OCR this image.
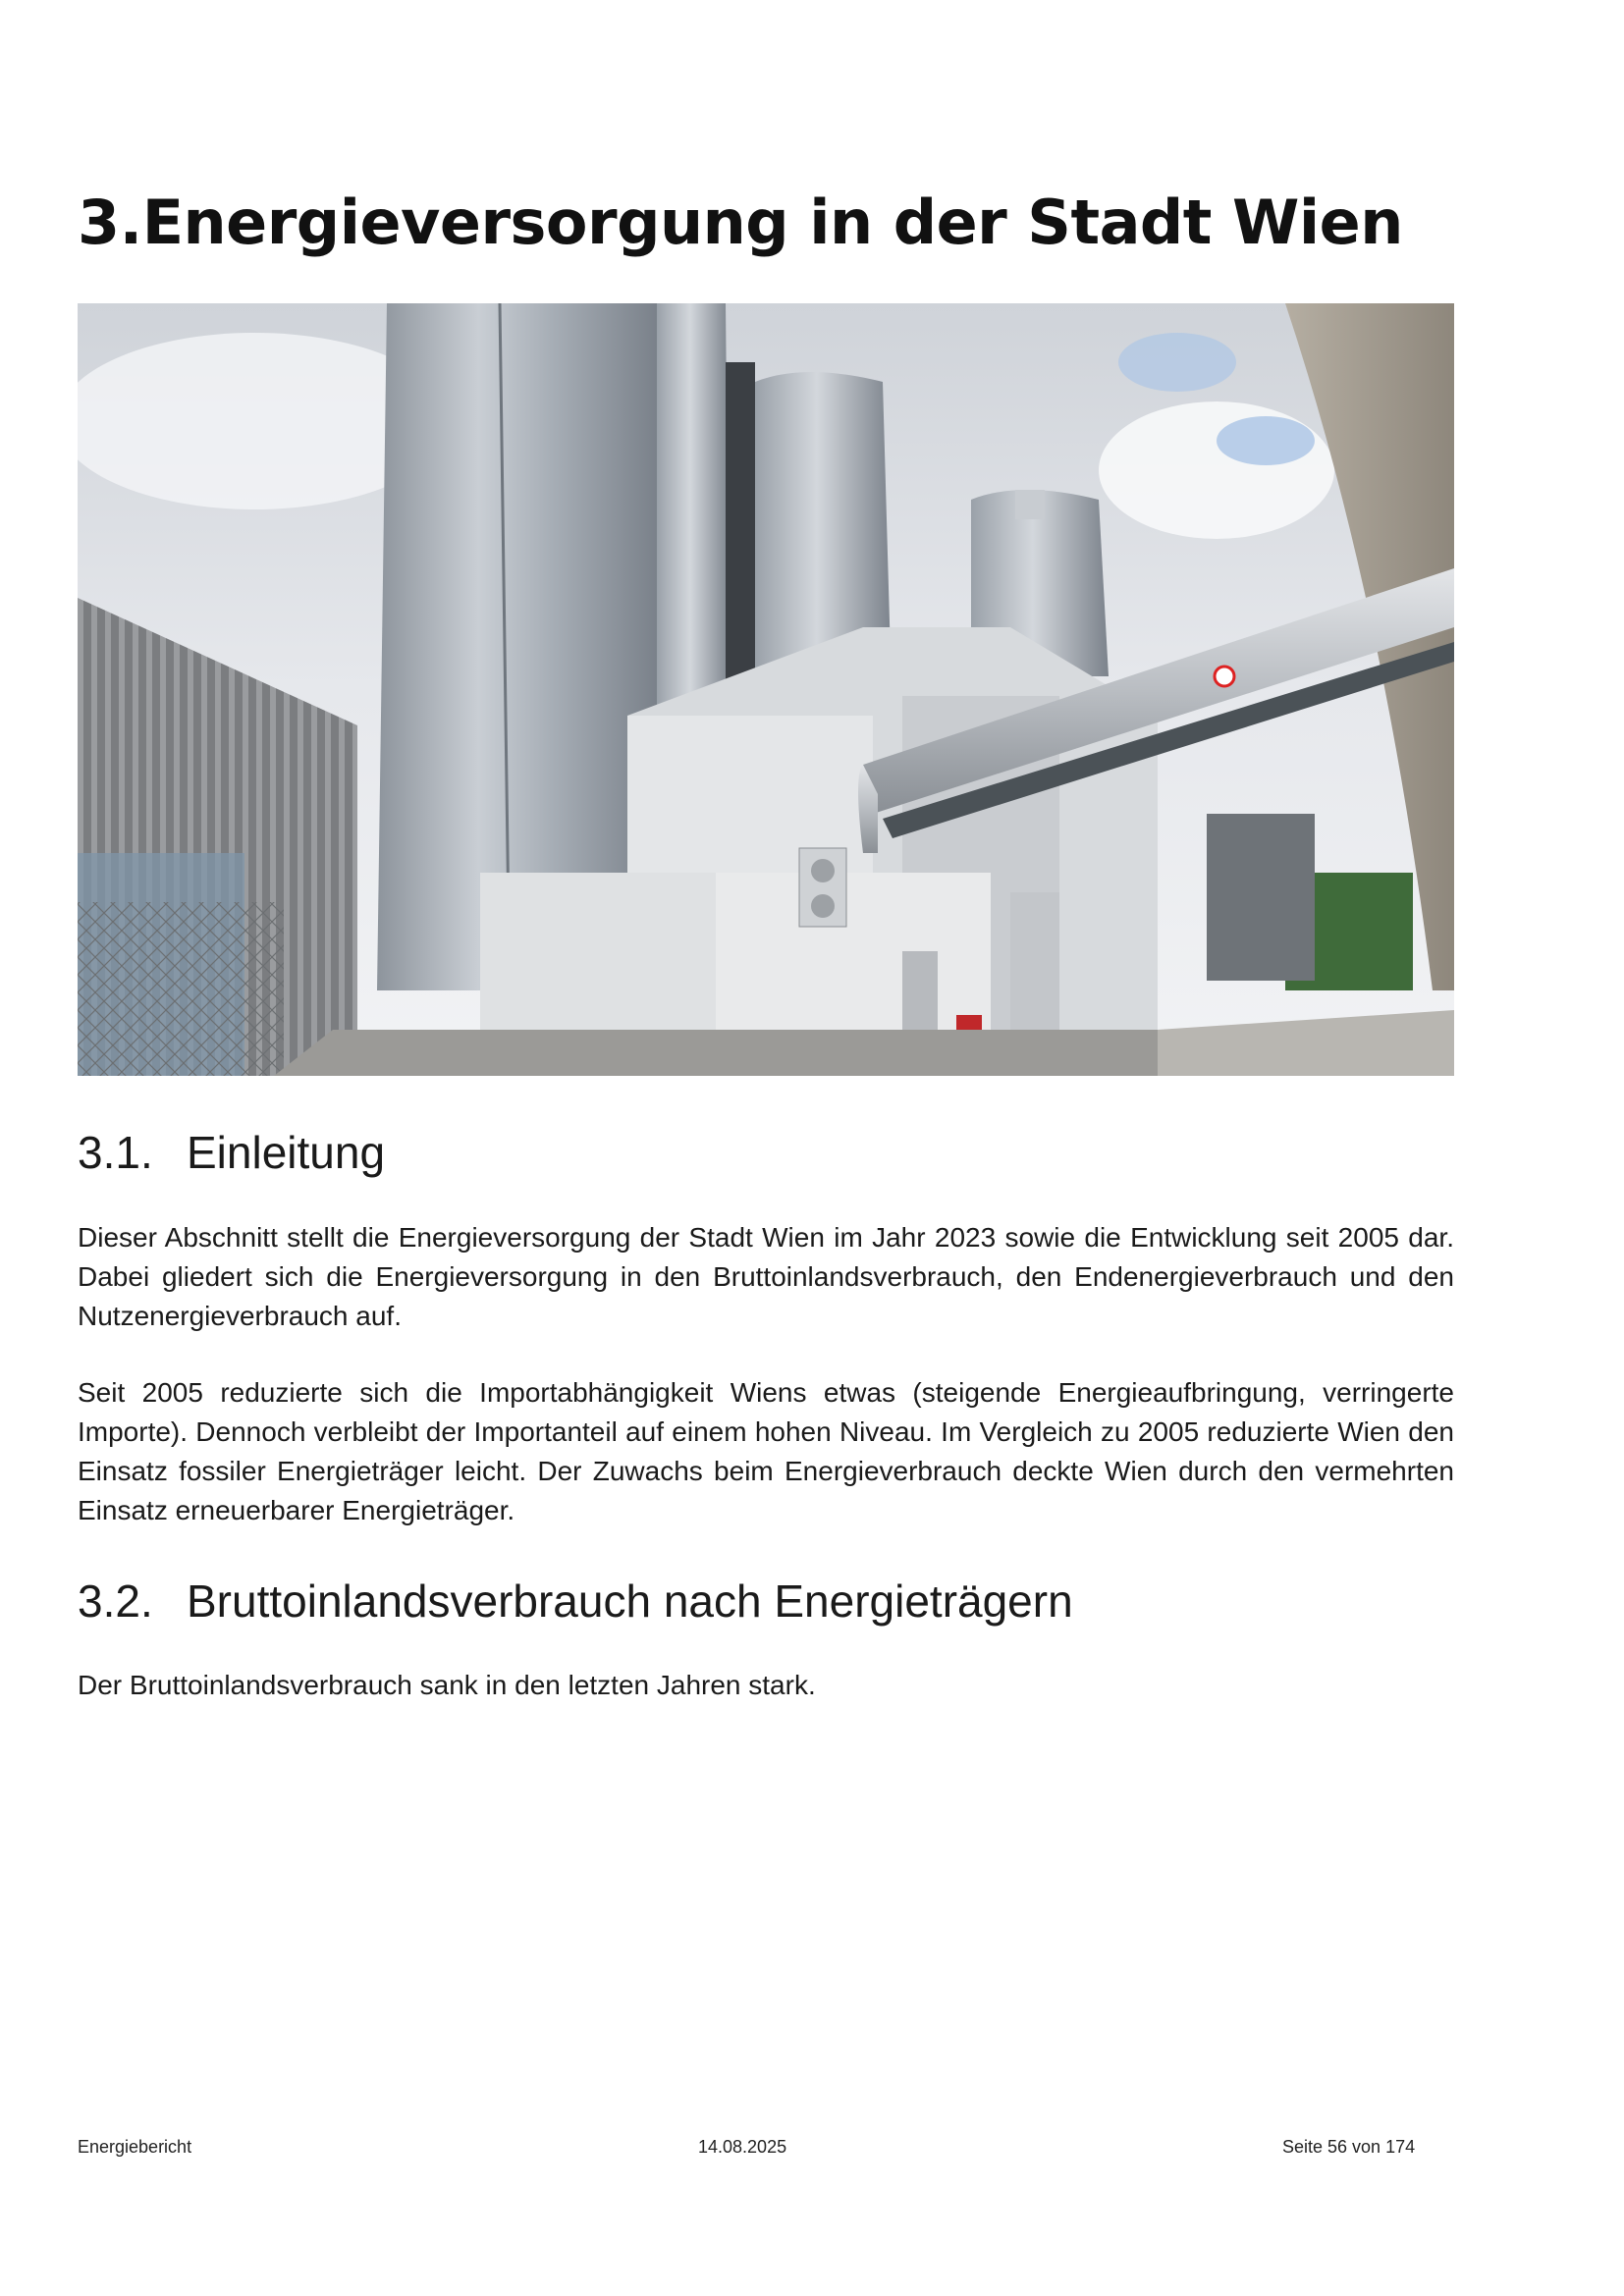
3.Energieversorgung in der Stadt Wien
3.1. Einleitung

Dieser Abschnitt stellt die Energieversorgung der Stadt Wien im Jahr 2023 sowie die Entwicklung seit 2005 dar. Dabei gliedert sich die Energieversorgung in den Bruttoinlandsverbrauch, den Endenergieverbrauch und den Nutzenergieverbrauch auf.

Seit 2005 reduzierte sich die Importabhängigkeit Wiens etwas (steigende Energieaufbringung, verringerte Importe). Dennoch verbleibt der Importanteil auf einem hohen Niveau. Im Vergleich zu 2005 reduzierte Wien den Einsatz fossiler Energieträger leicht. Der Zuwachs beim Energieverbrauch deckte Wien durch den vermehrten Einsatz erneuerbarer Energieträger.

3.2. Bruttoinlandsverbrauch nach Energieträgern

Der Bruttoinlandsverbrauch sank in den letzten Jahren stark.

Energiebericht	14.08.2025	Seite 56 von 174
